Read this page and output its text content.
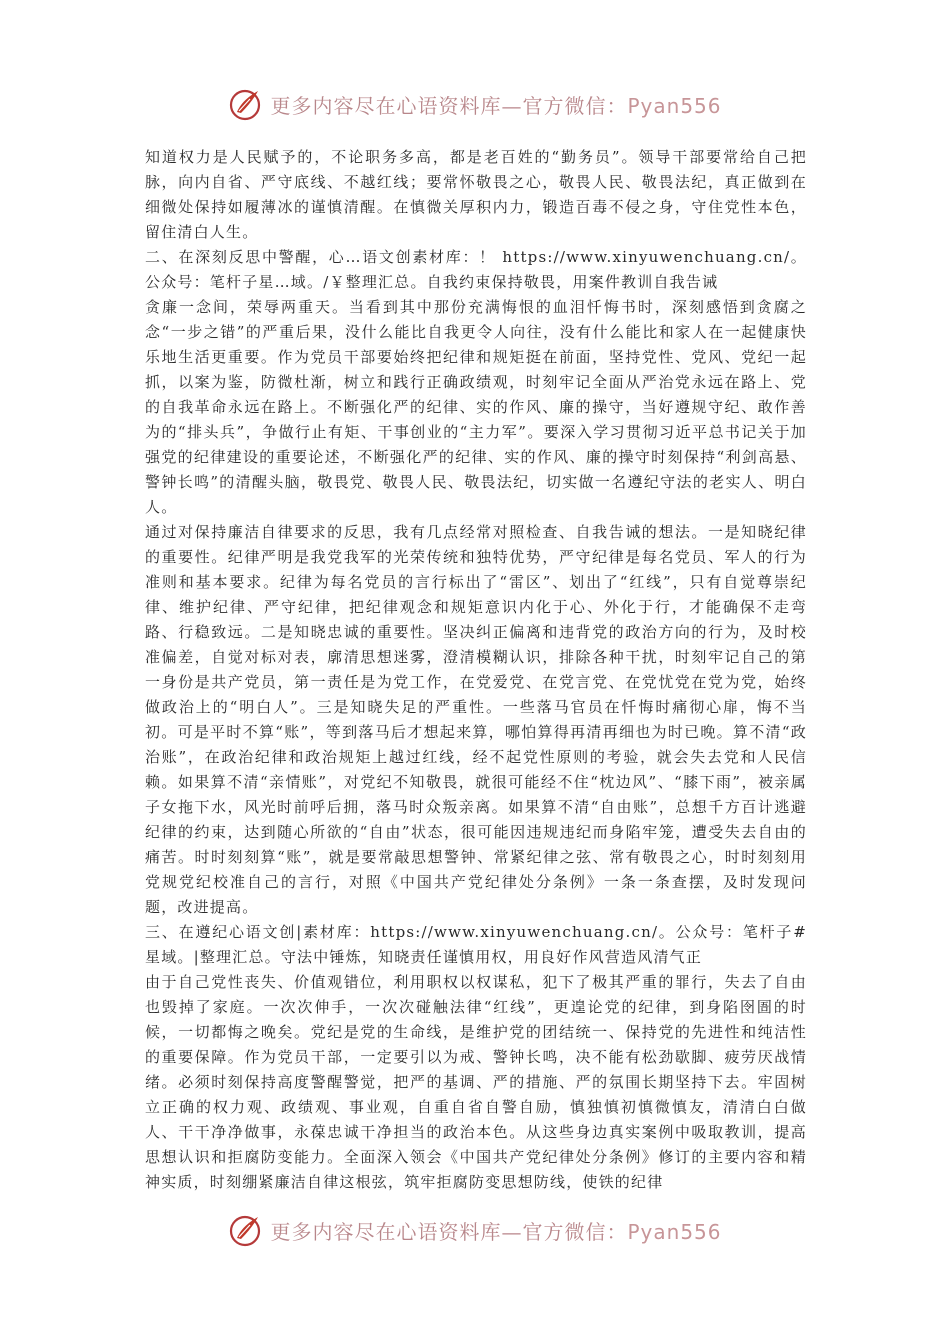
更多内容尽在心语资料库—官方微信：Pyan556

知道权力是人民赋予的，不论职务多高，都是老百姓的“勤务员”。领导干部要常给自己把脉，向内自省、严守底线、不越红线；要常怀敬畏之心，敬畏人民、敬畏法纪，真正做到在细微处保持如履薄冰的谨慎清醒。在慎微关厚积内力，锻造百毒不侵之身，守住党性本色，留住清白人生。

二、在深刻反思中警醒，心…语文创素材库：！ https://www.xinyuwenchuang.cn/。公众号：笔杆子星…域。/￥整理汇总。自我约束保持敬畏，用案件教训自我告诫

贪廉一念间，荣辱两重天。当看到其中那份充满悔恨的血泪忏悔书时，深刻感悟到贪腐之念“一步之错”的严重后果，没什么能比自我更令人向往，没有什么能比和家人在一起健康快乐地生活更重要。作为党员干部要始终把纪律和规矩挺在前面，坚持党性、党风、党纪一起抓，以案为鉴，防微杜渐，树立和践行正确政绩观，时刻牢记全面从严治党永远在路上、党的自我革命永远在路上。不断强化严的纪律、实的作风、廉的操守，当好遵规守纪、敢作善为的“排头兵”，争做行止有矩、干事创业的“主力军”。要深入学习贯彻习近平总书记关于加强党的纪律建设的重要论述，不断强化严的纪律、实的作风、廉的操守时刻保持“利剑高悬、警钟长鸣”的清醒头脑，敬畏党、敬畏人民、敬畏法纪，切实做一名遵纪守法的老实人、明白人。

通过对保持廉洁自律要求的反思，我有几点经常对照检查、自我告诫的想法。一是知晓纪律的重要性。纪律严明是我党我军的光荣传统和独特优势，严守纪律是每名党员、军人的行为准则和基本要求。纪律为每名党员的言行标出了“雷区”、划出了“红线”，只有自觉尊崇纪律、维护纪律、严守纪律，把纪律观念和规矩意识内化于心、外化于行，才能确保不走弯路、行稳致远。二是知晓忠诚的重要性。坚决纠正偏离和违背党的政治方向的行为，及时校准偏差，自觉对标对表，廓清思想迷雾，澄清模糊认识，排除各种干扰，时刻牢记自己的第一身份是共产党员，第一责任是为党工作，在党爱党、在党言党、在党忧党在党为党，始终做政治上的“明白人”。三是知晓失足的严重性。一些落马官员在忏悔时痛彻心扉，悔不当初。可是平时不算“账”，等到落马后才想起来算，哪怕算得再清再细也为时已晚。算不清“政治账”，在政治纪律和政治规矩上越过红线，经不起党性原则的考验，就会失去党和人民信赖。如果算不清“亲情账”，对党纪不知敬畏，就很可能经不住“枕边风”、“膝下雨”，被亲属子女拖下水，风光时前呼后拥，落马时众叛亲离。如果算不清“自由账”，总想千方百计逃避纪律的约束，达到随心所欲的“自由”状态，很可能因违规违纪而身陷牢笼，遭受失去自由的痛苦。时时刻刻算“账”，就是要常敲思想警钟、常紧纪律之弦、常有敬畏之心，时时刻刻用党规党纪校准自己的言行，对照《中国共产党纪律处分条例》一条一条查摆，及时发现问题，改进提高。

三、在遵纪心语文创|素材库：https://www.xinyuwenchuang.cn/。公众号：笔杆子#星域。|整理汇总。守法中锤炼，知晓责任谨慎用权，用良好作风营造风清气正

由于自己党性丧失、价值观错位，利用职权以权谋私，犯下了极其严重的罪行，失去了自由也毁掉了家庭。一次次伸手，一次次碰触法律“红线”，更遑论党的纪律，到身陷囹圄的时候，一切都悔之晚矣。党纪是党的生命线，是维护党的团结统一、保持党的先进性和纯洁性的重要保障。作为党员干部，一定要引以为戒、警钟长鸣，决不能有松劲歇脚、疲劳厌战情绪。必须时刻保持高度警醒警觉，把严的基调、严的措施、严的氛围长期坚持下去。牢固树立正确的权力观、政绩观、事业观，自重自省自警自励，慎独慎初慎微慎友，清清白白做人、干干净净做事，永葆忠诚干净担当的政治本色。从这些身边真实案例中吸取教训，提高思想认识和拒腐防变能力。全面深入领会《中国共产党纪律处分条例》修订的主要内容和精神实质，时刻绷紧廉洁自律这根弦，筑牢拒腐防变思想防线，使铁的纪律

更多内容尽在心语资料库—官方微信：Pyan556
